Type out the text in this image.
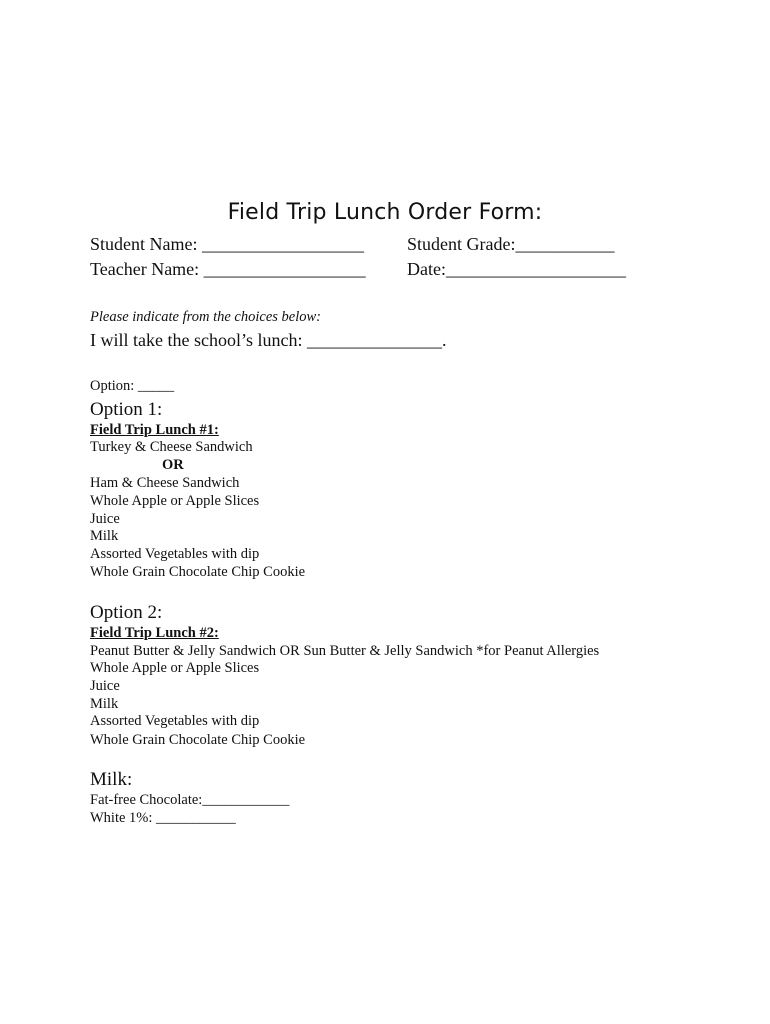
Field Trip Lunch Order Form:
Student Name: __________________ Student Grade:___________
Teacher Name: __________________ Date:____________________
Please indicate from the choices below:
I will take the school’s lunch: _______________.
Option: _____
Option 1:
Field Trip Lunch #1:
Turkey & Cheese Sandwich
OR
Ham & Cheese Sandwich
Whole Apple or Apple Slices
Juice
Milk
Assorted Vegetables with dip
Whole Grain Chocolate Chip Cookie
Option 2:
Field Trip Lunch #2:
Peanut Butter & Jelly Sandwich OR Sun Butter & Jelly Sandwich *for Peanut Allergies
Whole Apple or Apple Slices
Juice
Milk
Assorted Vegetables with dip
Whole Grain Chocolate Chip Cookie
Milk:
Fat-free Chocolate:____________
White 1%: ___________
